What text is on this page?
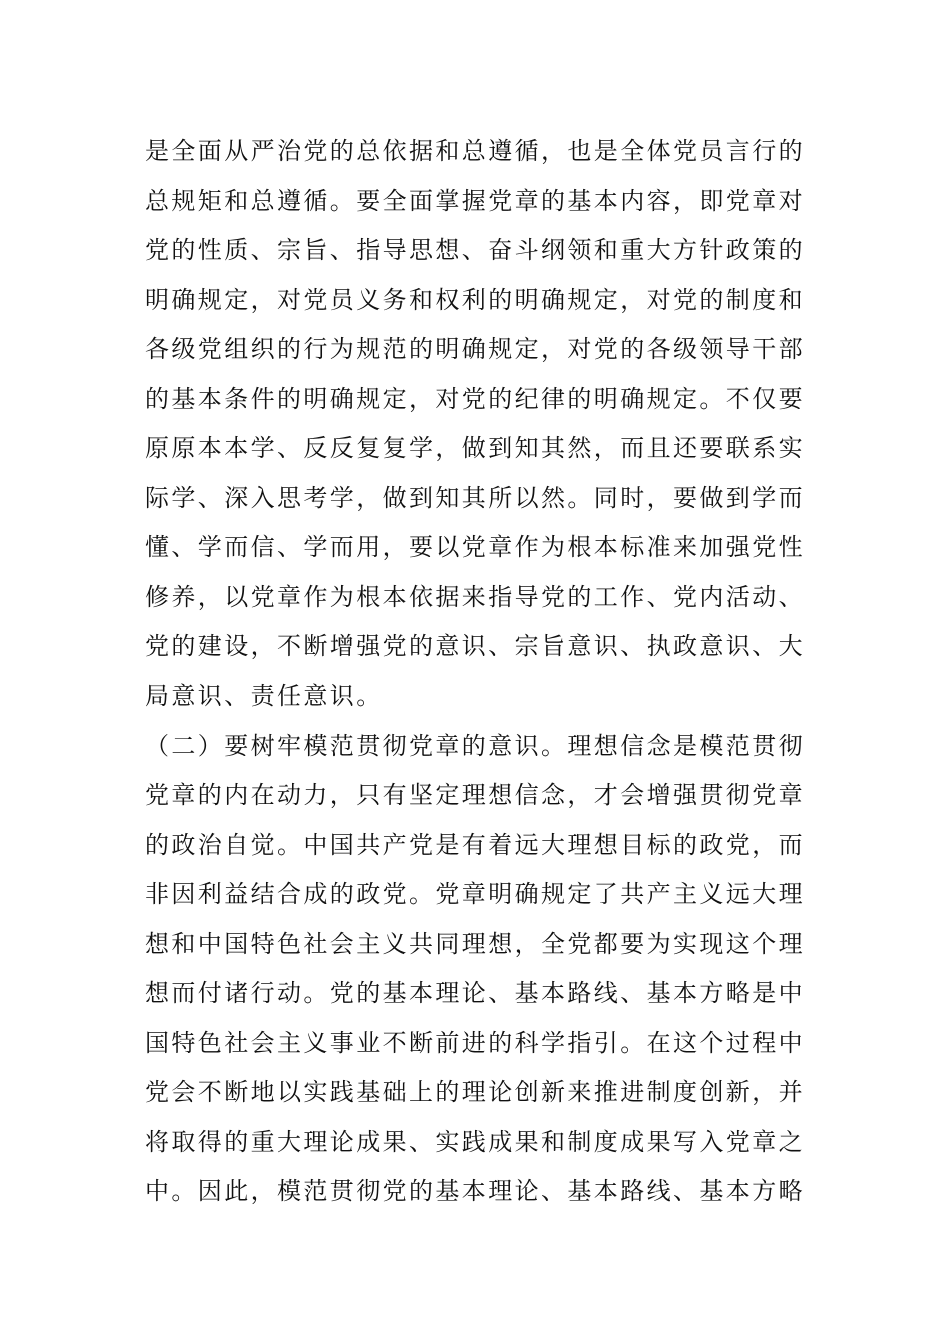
是全面从严治党的总依据和总遵循，也是全体党员言行的
总规矩和总遵循。要全面掌握党章的基本内容，即党章对
党的性质、宗旨、指导思想、奋斗纲领和重大方针政策的
明确规定，对党员义务和权利的明确规定，对党的制度和
各级党组织的行为规范的明确规定，对党的各级领导干部
的基本条件的明确规定，对党的纪律的明确规定。不仅要
原原本本学、反反复复学，做到知其然，而且还要联系实
际学、深入思考学，做到知其所以然。同时，要做到学而
懂、学而信、学而用，要以党章作为根本标准来加强党性
修养，以党章作为根本依据来指导党的工作、党内活动、
党的建设，不断增强党的意识、宗旨意识、执政意识、大
局意识、责任意识。
（二）要树牢模范贯彻党章的意识。理想信念是模范贯彻
党章的内在动力，只有坚定理想信念，才会增强贯彻党章
的政治自觉。中国共产党是有着远大理想目标的政党，而
非因利益结合成的政党。党章明确规定了共产主义远大理
想和中国特色社会主义共同理想，全党都要为实现这个理
想而付诸行动。党的基本理论、基本路线、基本方略是中
国特色社会主义事业不断前进的科学指引。在这个过程中
党会不断地以实践基础上的理论创新来推进制度创新，并
将取得的重大理论成果、实践成果和制度成果写入党章之
中。因此，模范贯彻党的基本理论、基本路线、基本方略
